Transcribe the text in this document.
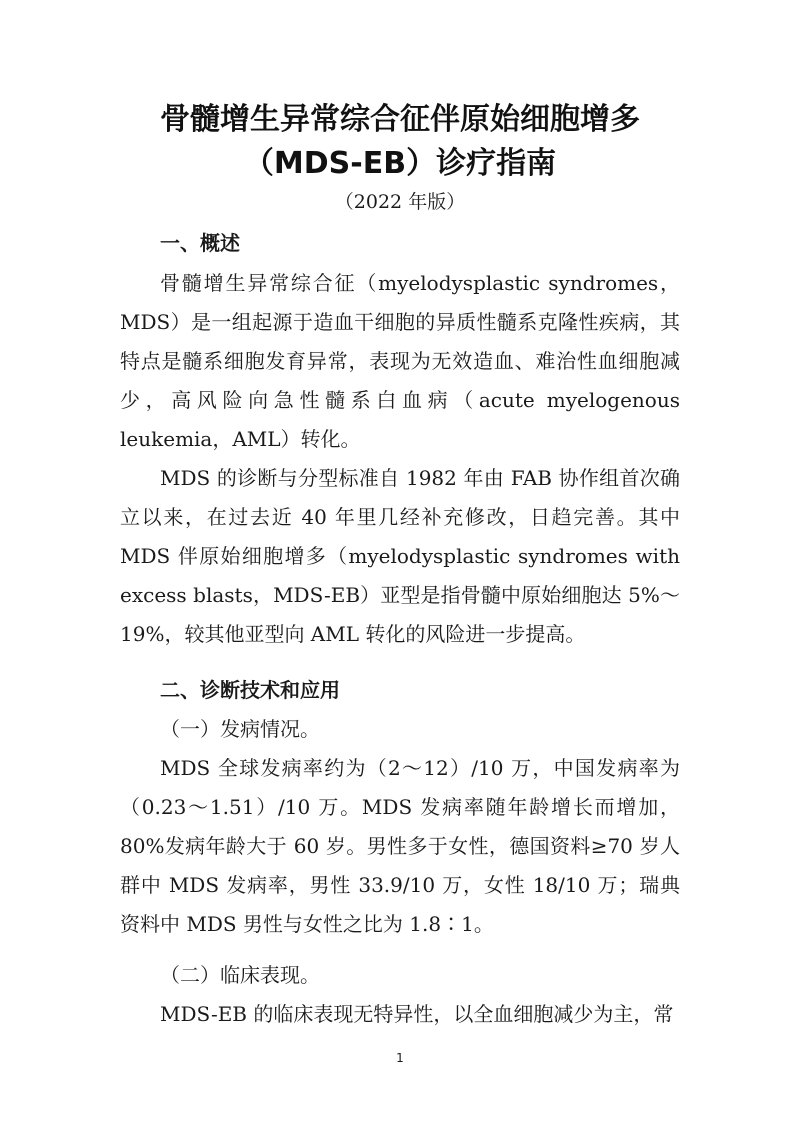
骨髓增生异常综合征伴原始细胞增多
（MDS-EB）诊疗指南

（2022 年版）

一、概述

骨髓增生异常综合征（myelodysplastic syndromes，MDS）是一组起源于造血干细胞的异质性髓系克隆性疾病，其特点是髓系细胞发育异常，表现为无效造血、难治性血细胞减少，高风险向急性髓系白血病（acute myelogenous leukemia，AML）转化。

MDS 的诊断与分型标准自 1982 年由 FAB 协作组首次确立以来，在过去近 40 年里几经补充修改，日趋完善。其中 MDS 伴原始细胞增多（myelodysplastic syndromes with excess blasts，MDS-EB）亚型是指骨髓中原始细胞达 5%～19%，较其他亚型向 AML 转化的风险进一步提高。

二、诊断技术和应用

（一）发病情况。

MDS 全球发病率约为（2～12）/10 万，中国发病率为（0.23～1.51）/10 万。MDS 发病率随年龄增长而增加，80%发病年龄大于 60 岁。男性多于女性，德国资料≥70 岁人群中 MDS 发病率，男性 33.9/10 万，女性 18/10 万；瑞典资料中 MDS 男性与女性之比为 1.8∶1。

（二）临床表现。

MDS-EB 的临床表现无特异性，以全血细胞减少为主，常

1
